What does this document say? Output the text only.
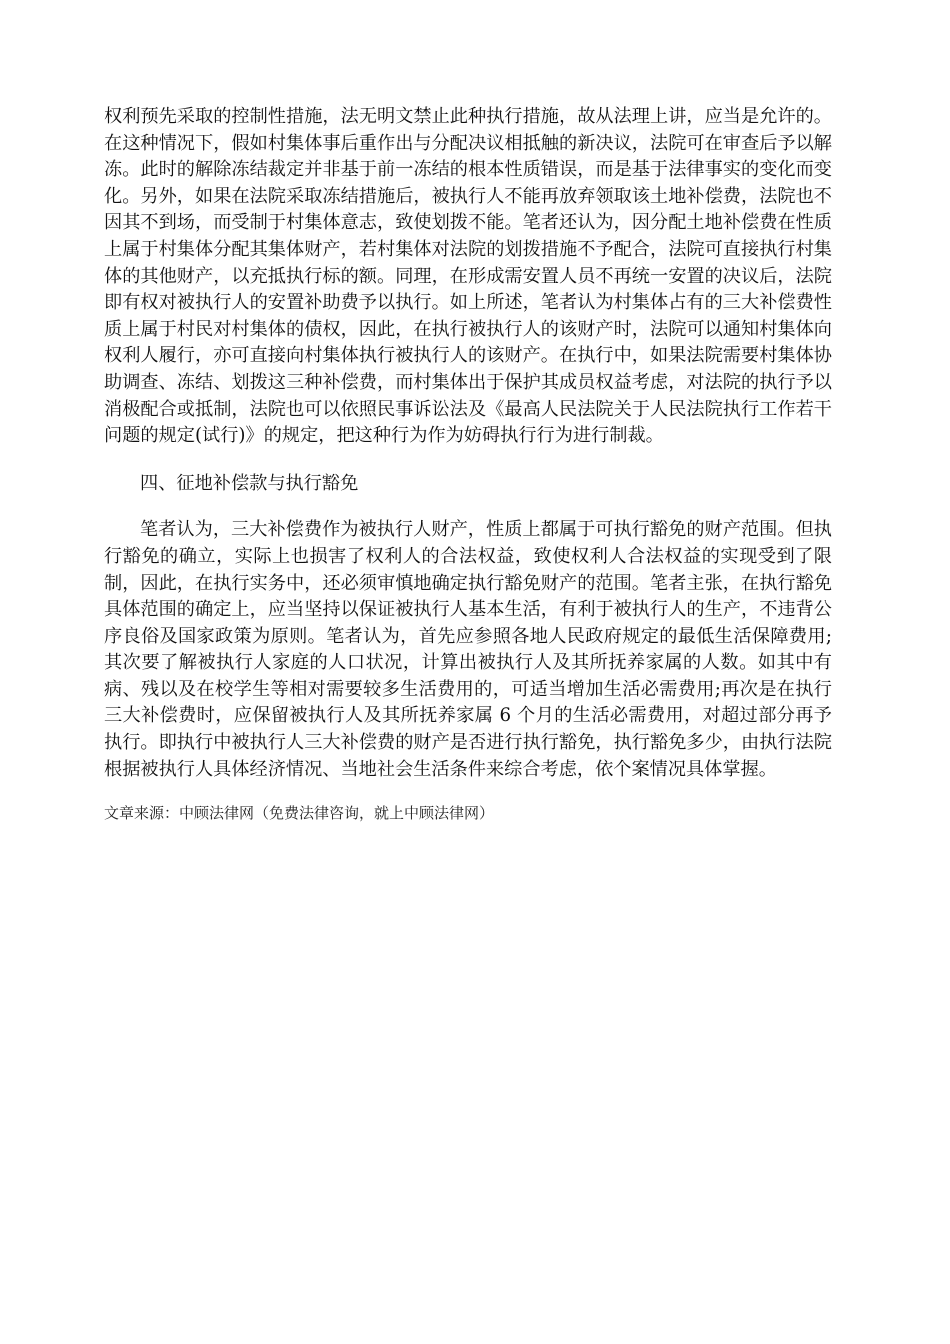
权利预先采取的控制性措施，法无明文禁止此种执行措施，故从法理上讲，应当是允许的。在这种情况下，假如村集体事后重作出与分配决议相抵触的新决议，法院可在审查后予以解冻。此时的解除冻结裁定并非基于前一冻结的根本性质错误，而是基于法律事实的变化而变化。另外，如果在法院采取冻结措施后，被执行人不能再放弃领取该土地补偿费，法院也不因其不到场，而受制于村集体意志，致使划拨不能。笔者还认为，因分配土地补偿费在性质上属于村集体分配其集体财产，若村集体对法院的划拨措施不予配合，法院可直接执行村集体的其他财产，以充抵执行标的额。同理，在形成需安置人员不再统一安置的决议后，法院即有权对被执行人的安置补助费予以执行。如上所述，笔者认为村集体占有的三大补偿费性质上属于村民对村集体的债权，因此，在执行被执行人的该财产时，法院可以通知村集体向权利人履行，亦可直接向村集体执行被执行人的该财产。在执行中，如果法院需要村集体协助调查、冻结、划拨这三种补偿费，而村集体出于保护其成员权益考虑，对法院的执行予以消极配合或抵制，法院也可以依照民事诉讼法及《最高人民法院关于人民法院执行工作若干问题的规定(试行)》的规定，把这种行为作为妨碍执行行为进行制裁。

四、征地补偿款与执行豁免

笔者认为，三大补偿费作为被执行人财产，性质上都属于可执行豁免的财产范围。但执行豁免的确立，实际上也损害了权利人的合法权益，致使权利人合法权益的实现受到了限制，因此，在执行实务中，还必须审慎地确定执行豁免财产的范围。笔者主张，在执行豁免具体范围的确定上，应当坚持以保证被执行人基本生活，有利于被执行人的生产，不违背公序良俗及国家政策为原则。笔者认为，首先应参照各地人民政府规定的最低生活保障费用;其次要了解被执行人家庭的人口状况，计算出被执行人及其所抚养家属的人数。如其中有病、残以及在校学生等相对需要较多生活费用的，可适当增加生活必需费用;再次是在执行三大补偿费时，应保留被执行人及其所抚养家属 6 个月的生活必需费用，对超过部分再予执行。即执行中被执行人三大补偿费的财产是否进行执行豁免，执行豁免多少，由执行法院根据被执行人具体经济情况、当地社会生活条件来综合考虑，依个案情况具体掌握。

文章来源：中顾法律网（免费法律咨询，就上中顾法律网）
